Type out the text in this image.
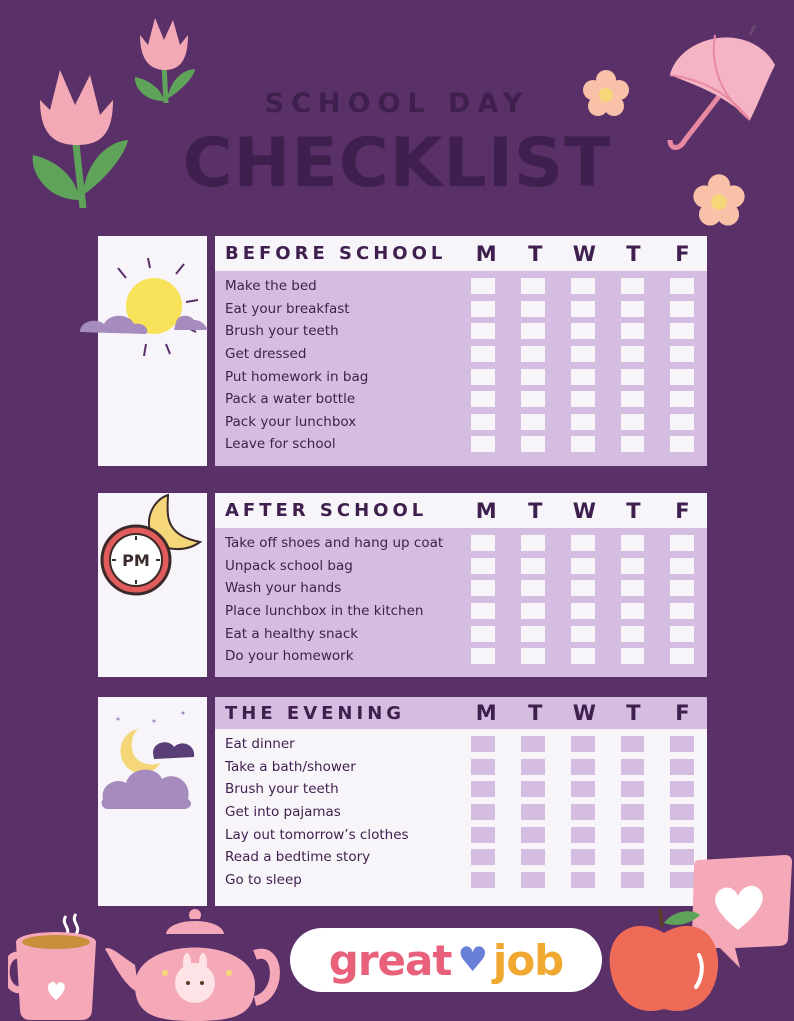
SCHOOL DAY
CHECKLIST
BEFORE SCHOOL	M	T	W	T	F
Make the bed
Eat your breakfast
Brush your teeth
Get dressed
Put homework in bag
Pack a water bottle
Pack your lunchbox
Leave for school
PM
AFTER SCHOOL	M	T	W	T	F
Take off shoes and hang up coat
Unpack school bag
Wash your hands
Place lunchbox in the kitchen
Eat a healthy snack
Do your homework
THE EVENING	M	T	W	T	F
Eat dinner
Take a bath/shower
Brush your teeth
Get into pajamas
Lay out tomorrow’s clothes
Read a bedtime story
Go to sleep
great ♥ job
